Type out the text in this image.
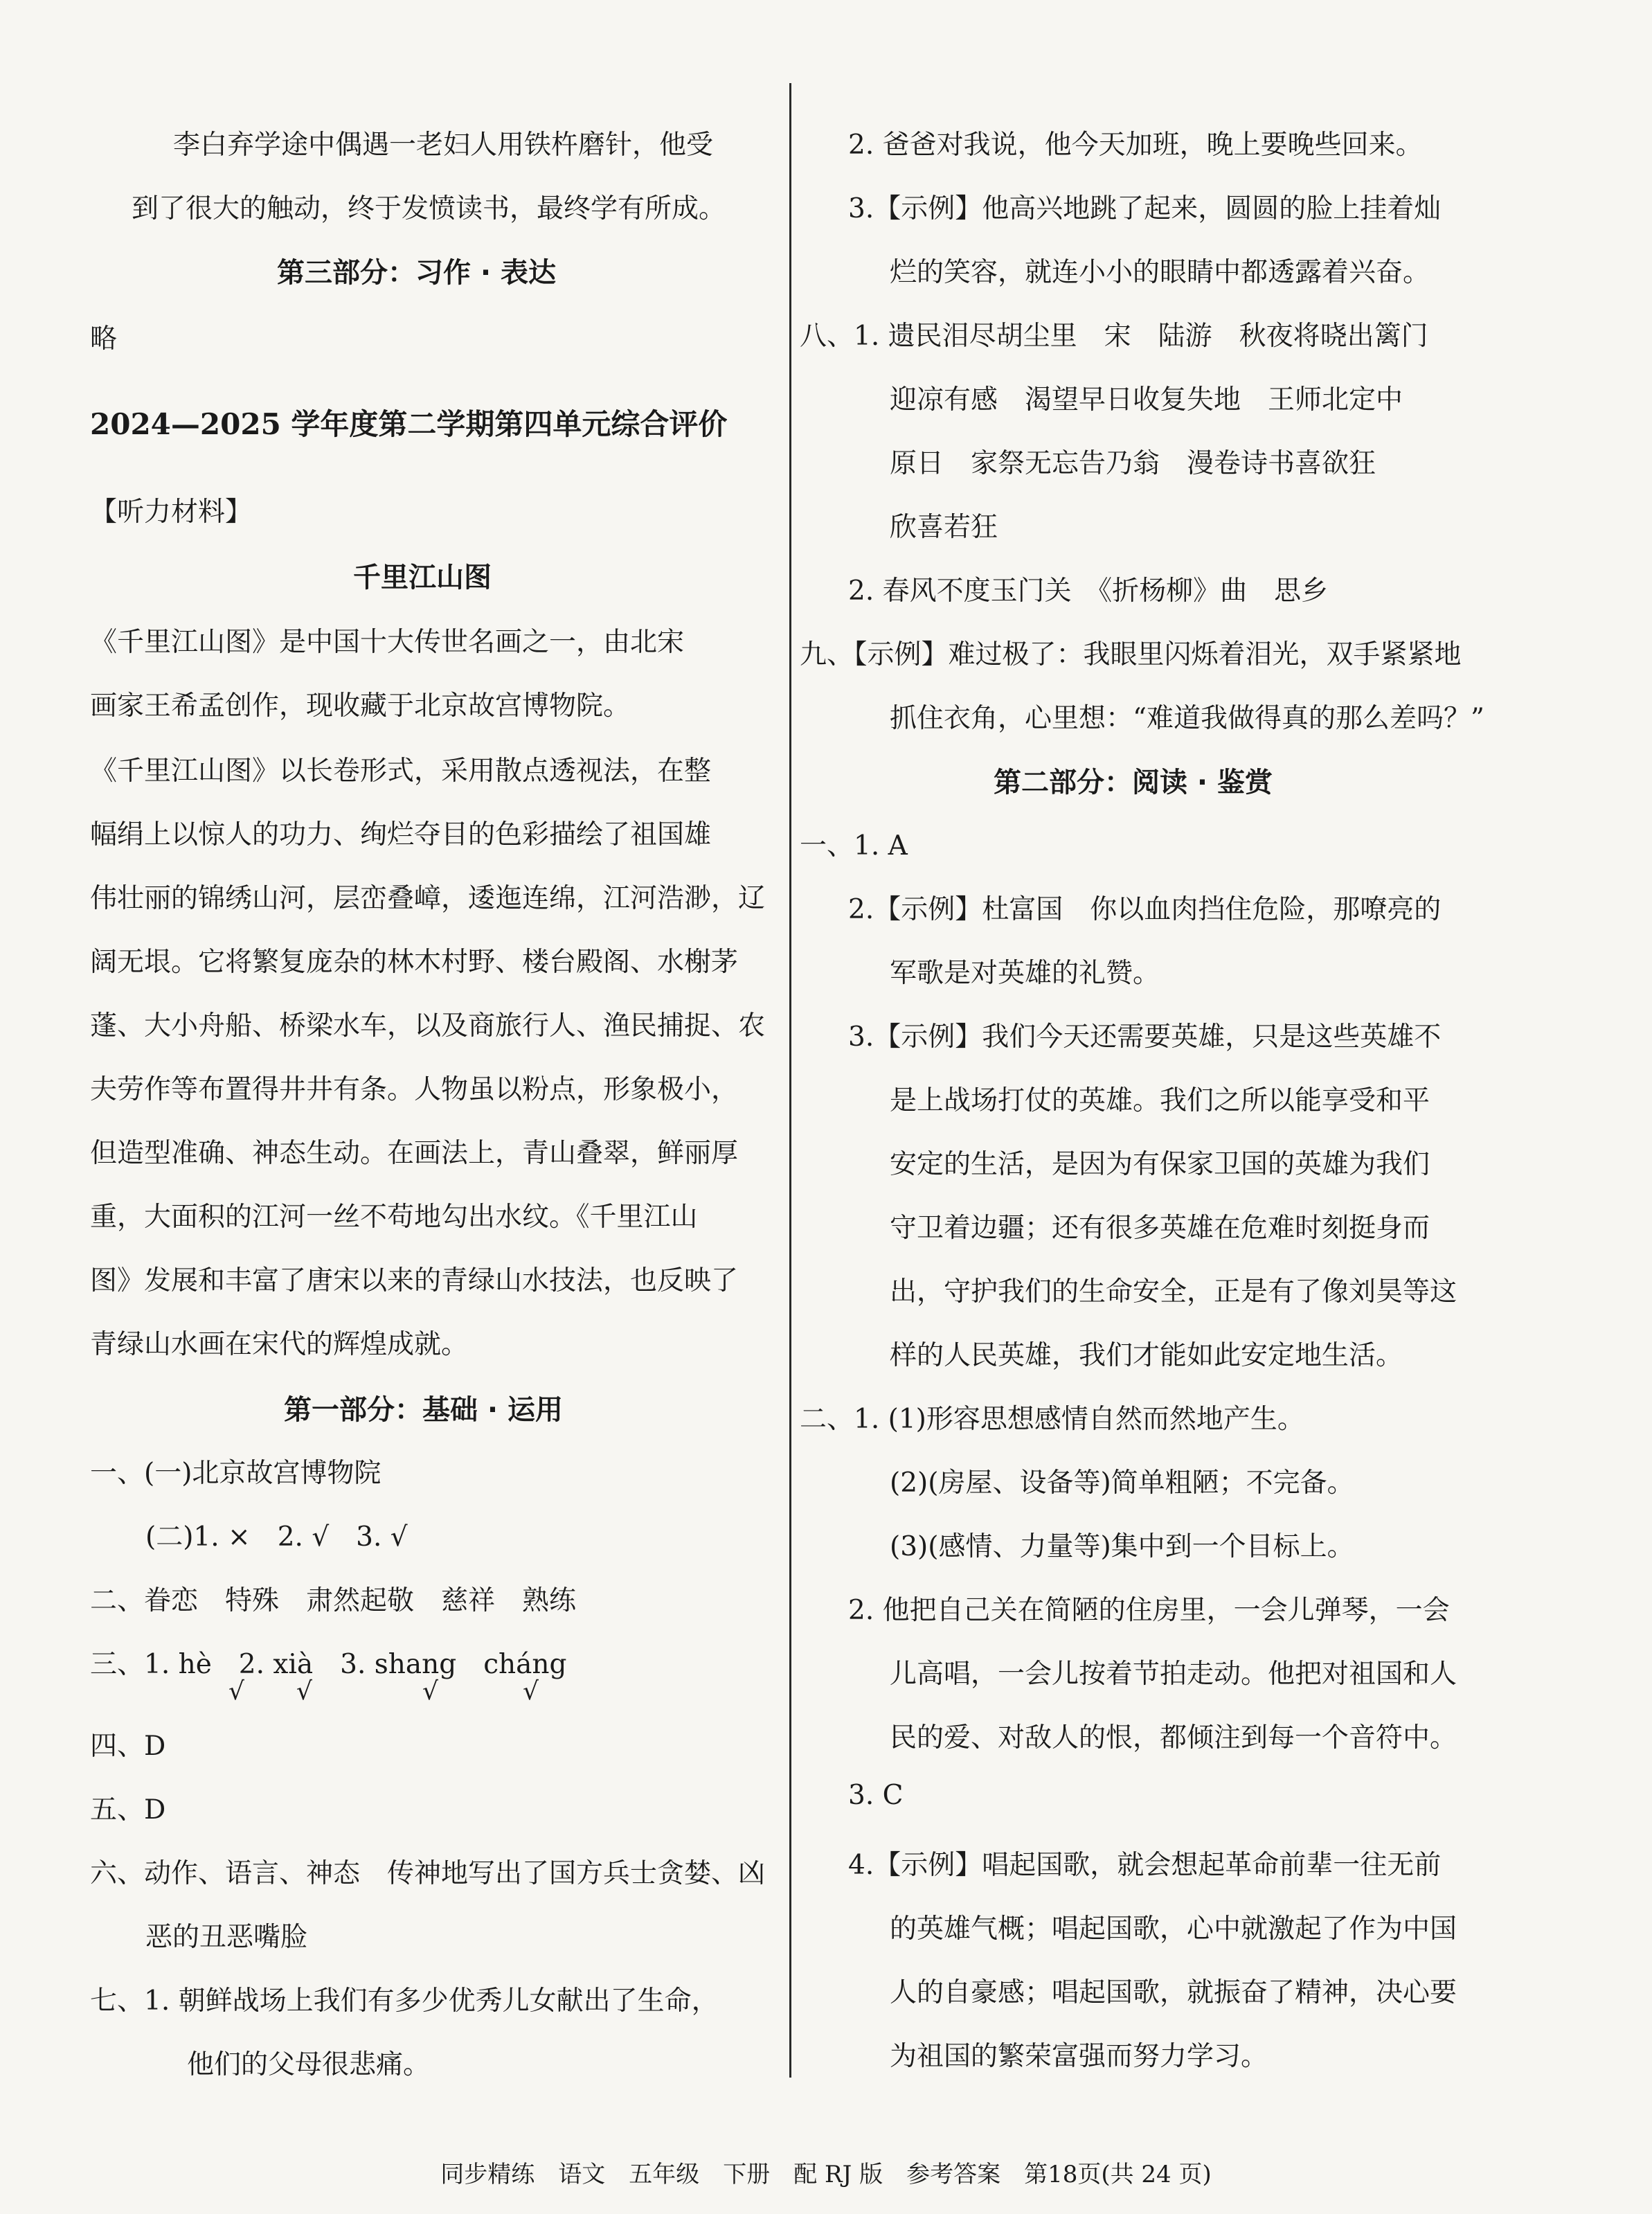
李白弃学途中偶遇一老妇人用铁杵磨针，他受
到了很大的触动，终于发愤读书，最终学有所成。
第三部分：习作 · 表达
略
2024—2025 学年度第二学期第四单元综合评价
【听力材料】
千里江山图
《千里江山图》是中国十大传世名画之一，由北宋
画家王希孟创作，现收藏于北京故宫博物院。
《千里江山图》以长卷形式，采用散点透视法，在整
幅绢上以惊人的功力、绚烂夺目的色彩描绘了祖国雄
伟壮丽的锦绣山河，层峦叠嶂，逶迤连绵，江河浩渺，辽
阔无垠。它将繁复庞杂的林木村野、楼台殿阁、水榭茅
蓬、大小舟船、桥梁水车，以及商旅行人、渔民捕捉、农
夫劳作等布置得井井有条。人物虽以粉点，形象极小，
但造型准确、神态生动。在画法上，青山叠翠，鲜丽厚
重，大面积的江河一丝不苟地勾出水纹。《千里江山
图》发展和丰富了唐宋以来的青绿山水技法，也反映了
青绿山水画在宋代的辉煌成就。
第一部分：基础 · 运用
一、(一)北京故宫博物院
(二)1. ×　2. √　3. √
二、眷恋　特殊　肃然起敬　慈祥　熟练
三、1. hè　2. xià　3. shang　cháng
√ √	√	√
四、D
五、D
六、动作、语言、神态　传神地写出了国方兵士贪婪、凶
恶的丑恶嘴脸
七、1. 朝鲜战场上我们有多少优秀儿女献出了生命，
他们的父母很悲痛。
2. 爸爸对我说，他今天加班，晚上要晚些回来。
3.【示例】他高兴地跳了起来，圆圆的脸上挂着灿
烂的笑容，就连小小的眼睛中都透露着兴奋。
八、1. 遗民泪尽胡尘里　宋　陆游　秋夜将晓出篱门
迎凉有感　渴望早日收复失地　王师北定中
原日　家祭无忘告乃翁　漫卷诗书喜欲狂
欣喜若狂
2. 春风不度玉门关　《折杨柳》曲　思乡
九、【示例】难过极了：我眼里闪烁着泪光，双手紧紧地
抓住衣角，心里想：“难道我做得真的那么差吗？”
第二部分：阅读 · 鉴赏
一、1. A
2.【示例】杜富国　你以血肉挡住危险，那嘹亮的
军歌是对英雄的礼赞。
3.【示例】我们今天还需要英雄，只是这些英雄不
是上战场打仗的英雄。我们之所以能享受和平
安定的生活，是因为有保家卫国的英雄为我们
守卫着边疆；还有很多英雄在危难时刻挺身而
出，守护我们的生命安全，正是有了像刘昊等这
样的人民英雄，我们才能如此安定地生活。
二、1. (1)形容思想感情自然而然地产生。
(2)(房屋、设备等)简单粗陋；不完备。
(3)(感情、力量等)集中到一个目标上。
2. 他把自己关在简陋的住房里，一会儿弹琴，一会
儿高唱，一会儿按着节拍走动。他把对祖国和人
民的爱、对敌人的恨，都倾注到每一个音符中。
3. C
4.【示例】唱起国歌，就会想起革命前辈一往无前
的英雄气概；唱起国歌，心中就激起了作为中国
人的自豪感；唱起国歌，就振奋了精神，决心要
为祖国的繁荣富强而努力学习。
同步精练　语文　五年级　下册　配 RJ 版　参考答案　第18页(共 24 页)
